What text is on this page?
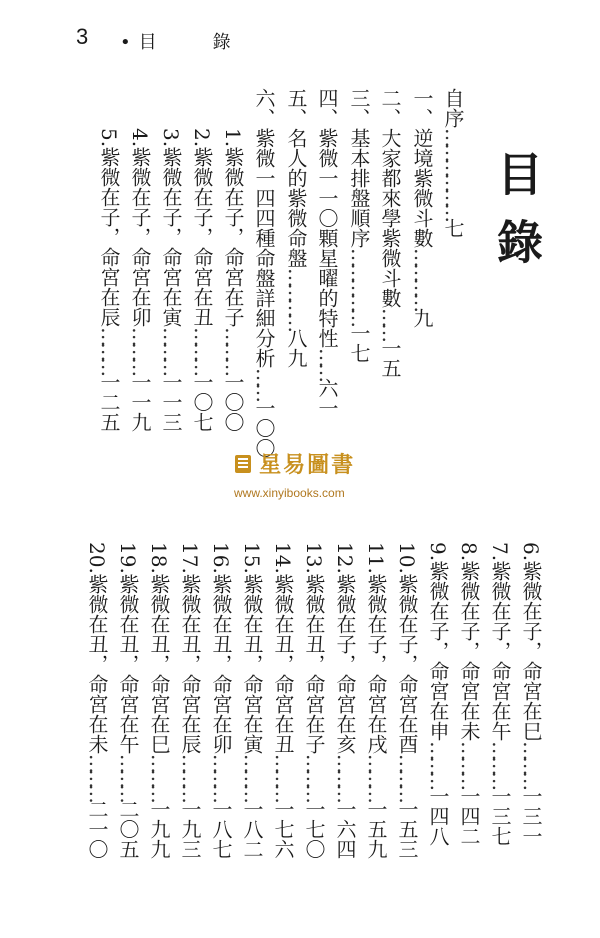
3 • 目	錄
目錄
自序………………七
一、逆境紫微斗數…………九
二、大家都來學紫微斗數……一五
三、基本排盤順序……………一七
四、紫微一一〇顆星曜的特性……六一
五、名人的紫微命盤…………八九
六、紫微一四四種命盤詳細分析……一〇〇
1.紫微在子，命宮在子………一〇〇
2.紫微在子，命宮在丑………一〇七
3.紫微在子，命宮在寅………一一三
4.紫微在子，命宮在卯………一一九
5.紫微在子，命宮在辰………一二五
星易圖書
www.xinyibooks.com
6.紫微在子，命宮在巳………一三一
7.紫微在子，命宮在午………一三七
8.紫微在子，命宮在未………一四二
9.紫微在子，命宮在申………一四八
10.紫微在子，命宮在酉………一五三
11.紫微在子，命宮在戌………一五九
12.紫微在子，命宮在亥………一六四
13.紫微在丑，命宮在子………一七〇
14.紫微在丑，命宮在丑………一七六
15.紫微在丑，命宮在寅………一八二
16.紫微在丑，命宮在卯………一八七
17.紫微在丑，命宮在辰………一九三
18.紫微在丑，命宮在巳………一九九
19.紫微在丑，命宮在午………二〇五
20.紫微在丑，命宮在未………二一〇
